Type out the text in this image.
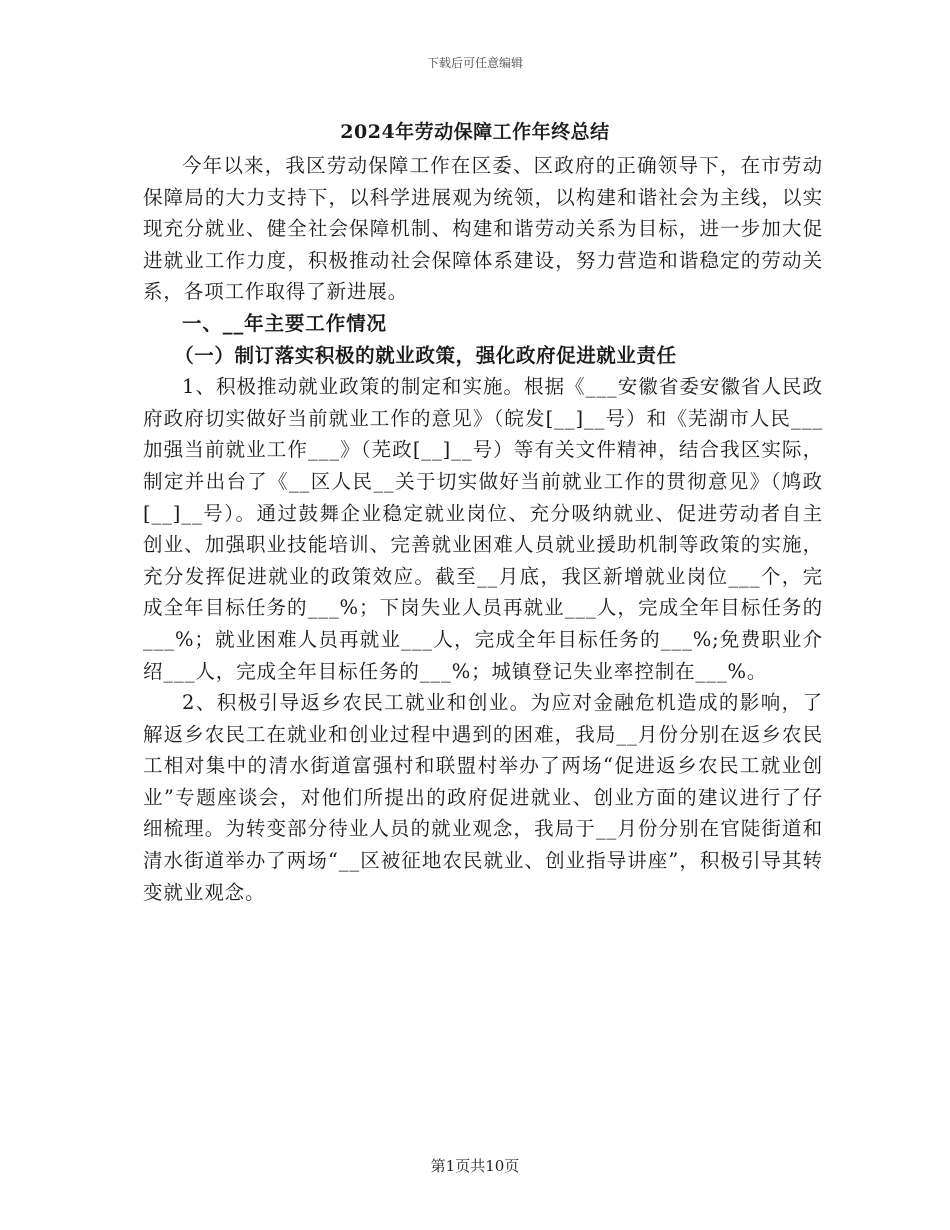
下载后可任意编辑
2024年劳动保障工作年终总结

今年以来，我区劳动保障工作在区委、区政府的正确领导下，在市劳动保障局的大力支持下，以科学进展观为统领，以构建和谐社会为主线，以实现充分就业、健全社会保障机制、构建和谐劳动关系为目标，进一步加大促进就业工作力度，积极推动社会保障体系建设，努力营造和谐稳定的劳动关系，各项工作取得了新进展。

一、__年主要工作情况

（一）制订落实积极的就业政策，强化政府促进就业责任

1、积极推动就业政策的制定和实施。根据《___安徽省委安徽省人民政府政府切实做好当前就业工作的意见》（皖发[__]__号）和《芜湖市人民___加强当前就业工作___》（芜政[__]__号）等有关文件精神，结合我区实际，制定并出台了《__区人民__关于切实做好当前就业工作的贯彻意见》（鸠政[__]__号）。通过鼓舞企业稳定就业岗位、充分吸纳就业、促进劳动者自主创业、加强职业技能培训、完善就业困难人员就业援助机制等政策的实施，充分发挥促进就业的政策效应。截至__月底，我区新增就业岗位___个，完成全年目标任务的___%；下岗失业人员再就业___人，完成全年目标任务的___%；就业困难人员再就业___人，完成全年目标任务的___%;免费职业介绍___人，完成全年目标任务的___%；城镇登记失业率控制在___%。

2、积极引导返乡农民工就业和创业。为应对金融危机造成的影响，了解返乡农民工在就业和创业过程中遇到的困难，我局__月份分别在返乡农民工相对集中的清水街道富强村和联盟村举办了两场“促进返乡农民工就业创业”专题座谈会，对他们所提出的政府促进就业、创业方面的建议进行了仔细梳理。为转变部分待业人员的就业观念，我局于__月份分别在官陡街道和清水街道举办了两场“__区被征地农民就业、创业指导讲座”，积极引导其转变就业观念。

第1页共10页
